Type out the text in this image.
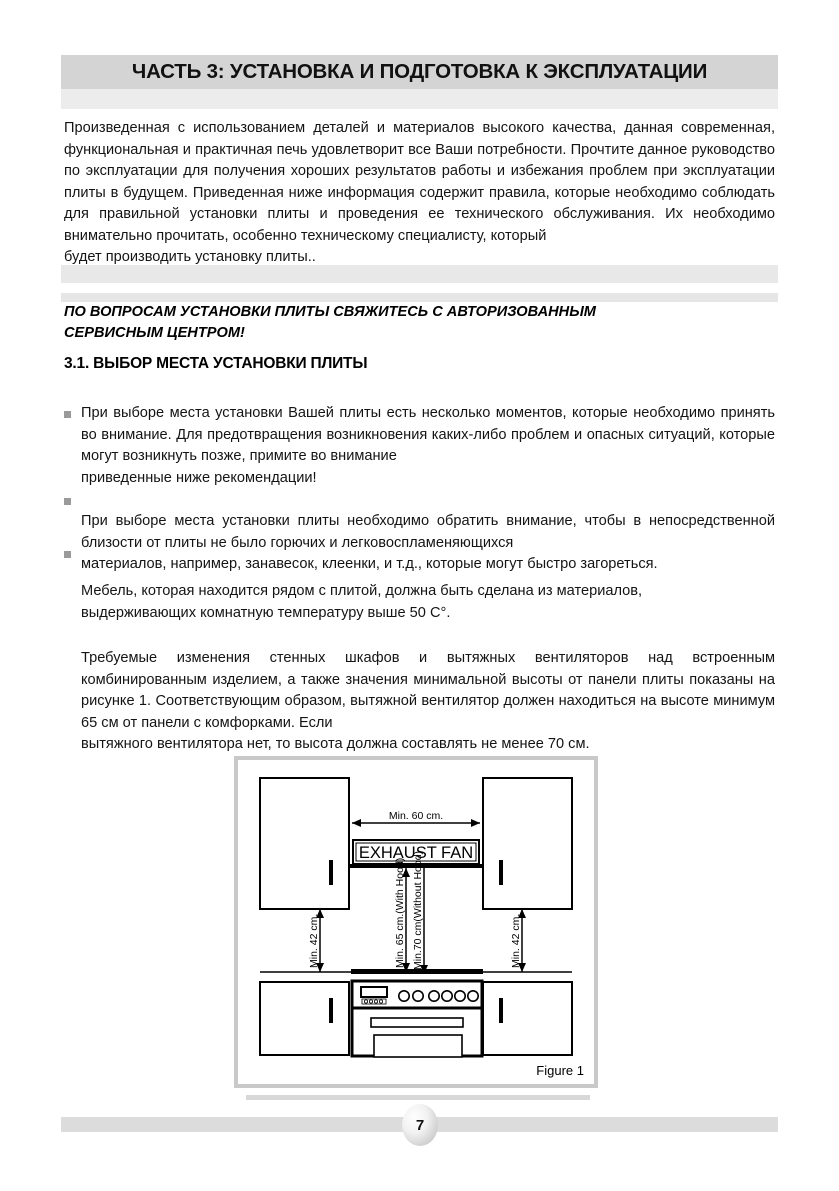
ЧАСТЬ 3: УСТАНОВКА И ПОДГОТОВКА К ЭКСПЛУАТАЦИИ

Произведенная с использованием деталей и материалов высокого качества, данная современная, функциональная и практичная печь удовлетворит все Ваши потребности. Прочтите данное руководство по эксплуатации для получения хороших результатов работы и избежания проблем при эксплуатации плиты в будущем. Приведенная ниже информация содержит правила, которые необходимо соблюдать для правильной установки плиты и проведения ее технического обслуживания. Их необходимо внимательно прочитать, особенно техническому специалисту, который

будет производить установку плиты..

ПО ВОПРОСАМ УСТАНОВКИ ПЛИТЫ СВЯЖИТЕСЬ С АВТОРИЗОВАННЫМ

СЕРВИСНЫМ ЦЕНТРОМ!

3.1. ВЫБОР МЕСТА УСТАНОВКИ ПЛИТЫ

При выборе места установки Вашей плиты есть несколько моментов, которые необходимо принять во внимание. Для предотвращения возникновения каких-либо проблем и опасных ситуаций, которые могут возникнуть позже, примите во внимание

приведенные ниже рекомендации!

При выборе места установки плиты необходимо обратить внимание, чтобы в непосредственной близости от плиты не было горючих и легковоспламеняющихся

материалов, например, занавесок, клеенки, и т.д., которые могут быстро загореться.

Мебель, которая находится рядом с плитой, должна быть сделана из материалов,

выдерживающих комнатную температуру выше 50 C°.

Требуемые изменения стенных шкафов и вытяжных вентиляторов над встроенным комбинированным изделием, а также значения минимальной высоты от панели плиты показаны на рисунке 1. Соответствующим образом, вытяжной вентилятор должен находиться на высоте минимум 65 см от панели с комфорками. Если

вытяжного вентилятора нет, то высота должна составлять не менее 70 см.

Min. 60 cm.
EXHAUST FAN
Min. 65 cm.(With Hood) Min.70 cm(Without Hood)
Min. 42 cm.	Min. 42 cm.
Figure 1
7
